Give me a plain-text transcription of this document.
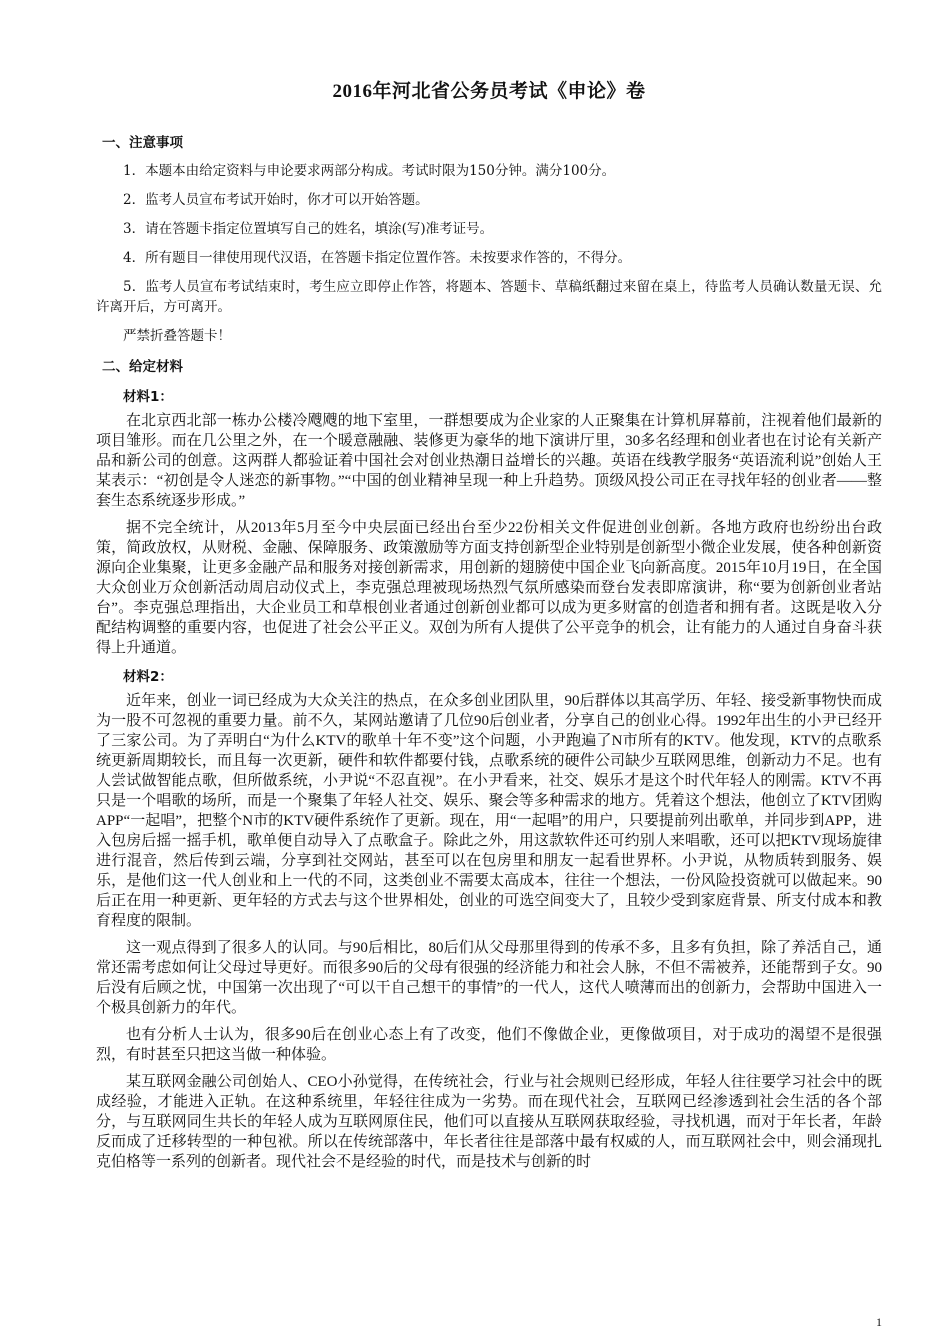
2016年河北省公务员考试《申论》卷
一、注意事项

1．本题本由给定资料与申论要求两部分构成。考试时限为150分钟。满分100分。

2．监考人员宣布考试开始时，你才可以开始答题。

3．请在答题卡指定位置填写自己的姓名，填涂(写)准考证号。

4．所有题目一律使用现代汉语，在答题卡指定位置作答。未按要求作答的，不得分。

5．监考人员宣布考试结束时，考生应立即停止作答，将题本、答题卡、草稿纸翻过来留在桌上，待监考人员确认数量无误、允许离开后，方可离开。

严禁折叠答题卡！

二、给定材料
材料1：

在北京西北部一栋办公楼冷飕飕的地下室里，一群想要成为企业家的人正聚集在计算机屏幕前，注视着他们最新的项目雏形。而在几公里之外，在一个暖意融融、装修更为豪华的地下演讲厅里，30多名经理和创业者也在讨论有关新产品和新公司的创意。这两群人都验证着中国社会对创业热潮日益增长的兴趣。英语在线教学服务“英语流利说”创始人王某表示：“初创是令人迷恋的新事物。”“中国的创业精神呈现一种上升趋势。顶级风投公司正在寻找年轻的创业者——整套生态系统逐步形成。”

据不完全统计，从2013年5月至今中央层面已经出台至少22份相关文件促进创业创新。各地方政府也纷纷出台政策，简政放权，从财税、金融、保障服务、政策激励等方面支持创新型企业特别是创新型小微企业发展，使各种创新资源向企业集聚，让更多金融产品和服务对接创新需求，用创新的翅膀使中国企业飞向新高度。2015年10月19日，在全国大众创业万众创新活动周启动仪式上，李克强总理被现场热烈气氛所感染而登台发表即席演讲，称“要为创新创业者站台”。李克强总理指出，大企业员工和草根创业者通过创新创业都可以成为更多财富的创造者和拥有者。这既是收入分配结构调整的重要内容，也促进了社会公平正义。双创为所有人提供了公平竞争的机会，让有能力的人通过自身奋斗获得上升通道。

材料2：

近年来，创业一词已经成为大众关注的热点，在众多创业团队里，90后群体以其高学历、年轻、接受新事物快而成为一股不可忽视的重要力量。前不久，某网站邀请了几位90后创业者，分享自己的创业心得。1992年出生的小尹已经开了三家公司。为了弄明白“为什么KTV的歌单十年不变”这个问题，小尹跑遍了N市所有的KTV。他发现，KTV的点歌系统更新周期较长，而且每一次更新，硬件和软件都要付钱，点歌系统的硬件公司缺少互联网思维，创新动力不足。也有人尝试做智能点歌，但所做系统，小尹说“不忍直视”。在小尹看来，社交、娱乐才是这个时代年轻人的刚需。KTV不再只是一个唱歌的场所，而是一个聚集了年轻人社交、娱乐、聚会等多种需求的地方。凭着这个想法，他创立了KTV团购APP“一起唱”，把整个N市的KTV硬件系统作了更新。现在，用“一起唱”的用户，只要提前列出歌单，并同步到APP，进入包房后摇一摇手机，歌单便自动导入了点歌盒子。除此之外，用这款软件还可约别人来唱歌，还可以把KTV现场旋律进行混音，然后传到云端，分享到社交网站，甚至可以在包房里和朋友一起看世界杯。小尹说，从物质转到服务、娱乐，是他们这一代人创业和上一代的不同，这类创业不需要太高成本，往往一个想法，一份风险投资就可以做起来。90后正在用一种更新、更年轻的方式去与这个世界相处，创业的可选空间变大了，且较少受到家庭背景、所支付成本和教育程度的限制。

这一观点得到了很多人的认同。与90后相比，80后们从父母那里得到的传承不多，且多有负担，除了养活自己，通常还需考虑如何让父母过导更好。而很多90后的父母有很强的经济能力和社会人脉，不但不需被养，还能帮到子女。90后没有后顾之忧，中国第一次出现了“可以干自己想干的事情”的一代人，这代人喷薄而出的创新力，会帮助中国进入一个极具创新力的年代。

也有分析人士认为，很多90后在创业心态上有了改变，他们不像做企业，更像做项目，对于成功的渴望不是很强烈，有时甚至只把这当做一种体验。

某互联网金融公司创始人、CEO小孙觉得，在传统社会，行业与社会规则已经形成，年轻人往往要学习社会中的既成经验，才能进入正轨。在这种系统里，年轻往往成为一劣势。而在现代社会，互联网已经渗透到社会生活的各个部分，与互联网同生共长的年轻人成为互联网原住民，他们可以直接从互联网获取经验，寻找机遇，而对于年长者，年龄反而成了迁移转型的一种包袱。所以在传统部落中，年长者往往是部落中最有权威的人，而互联网社会中，则会涌现扎克伯格等一系列的创新者。现代社会不是经验的时代，而是技术与创新的时

1
